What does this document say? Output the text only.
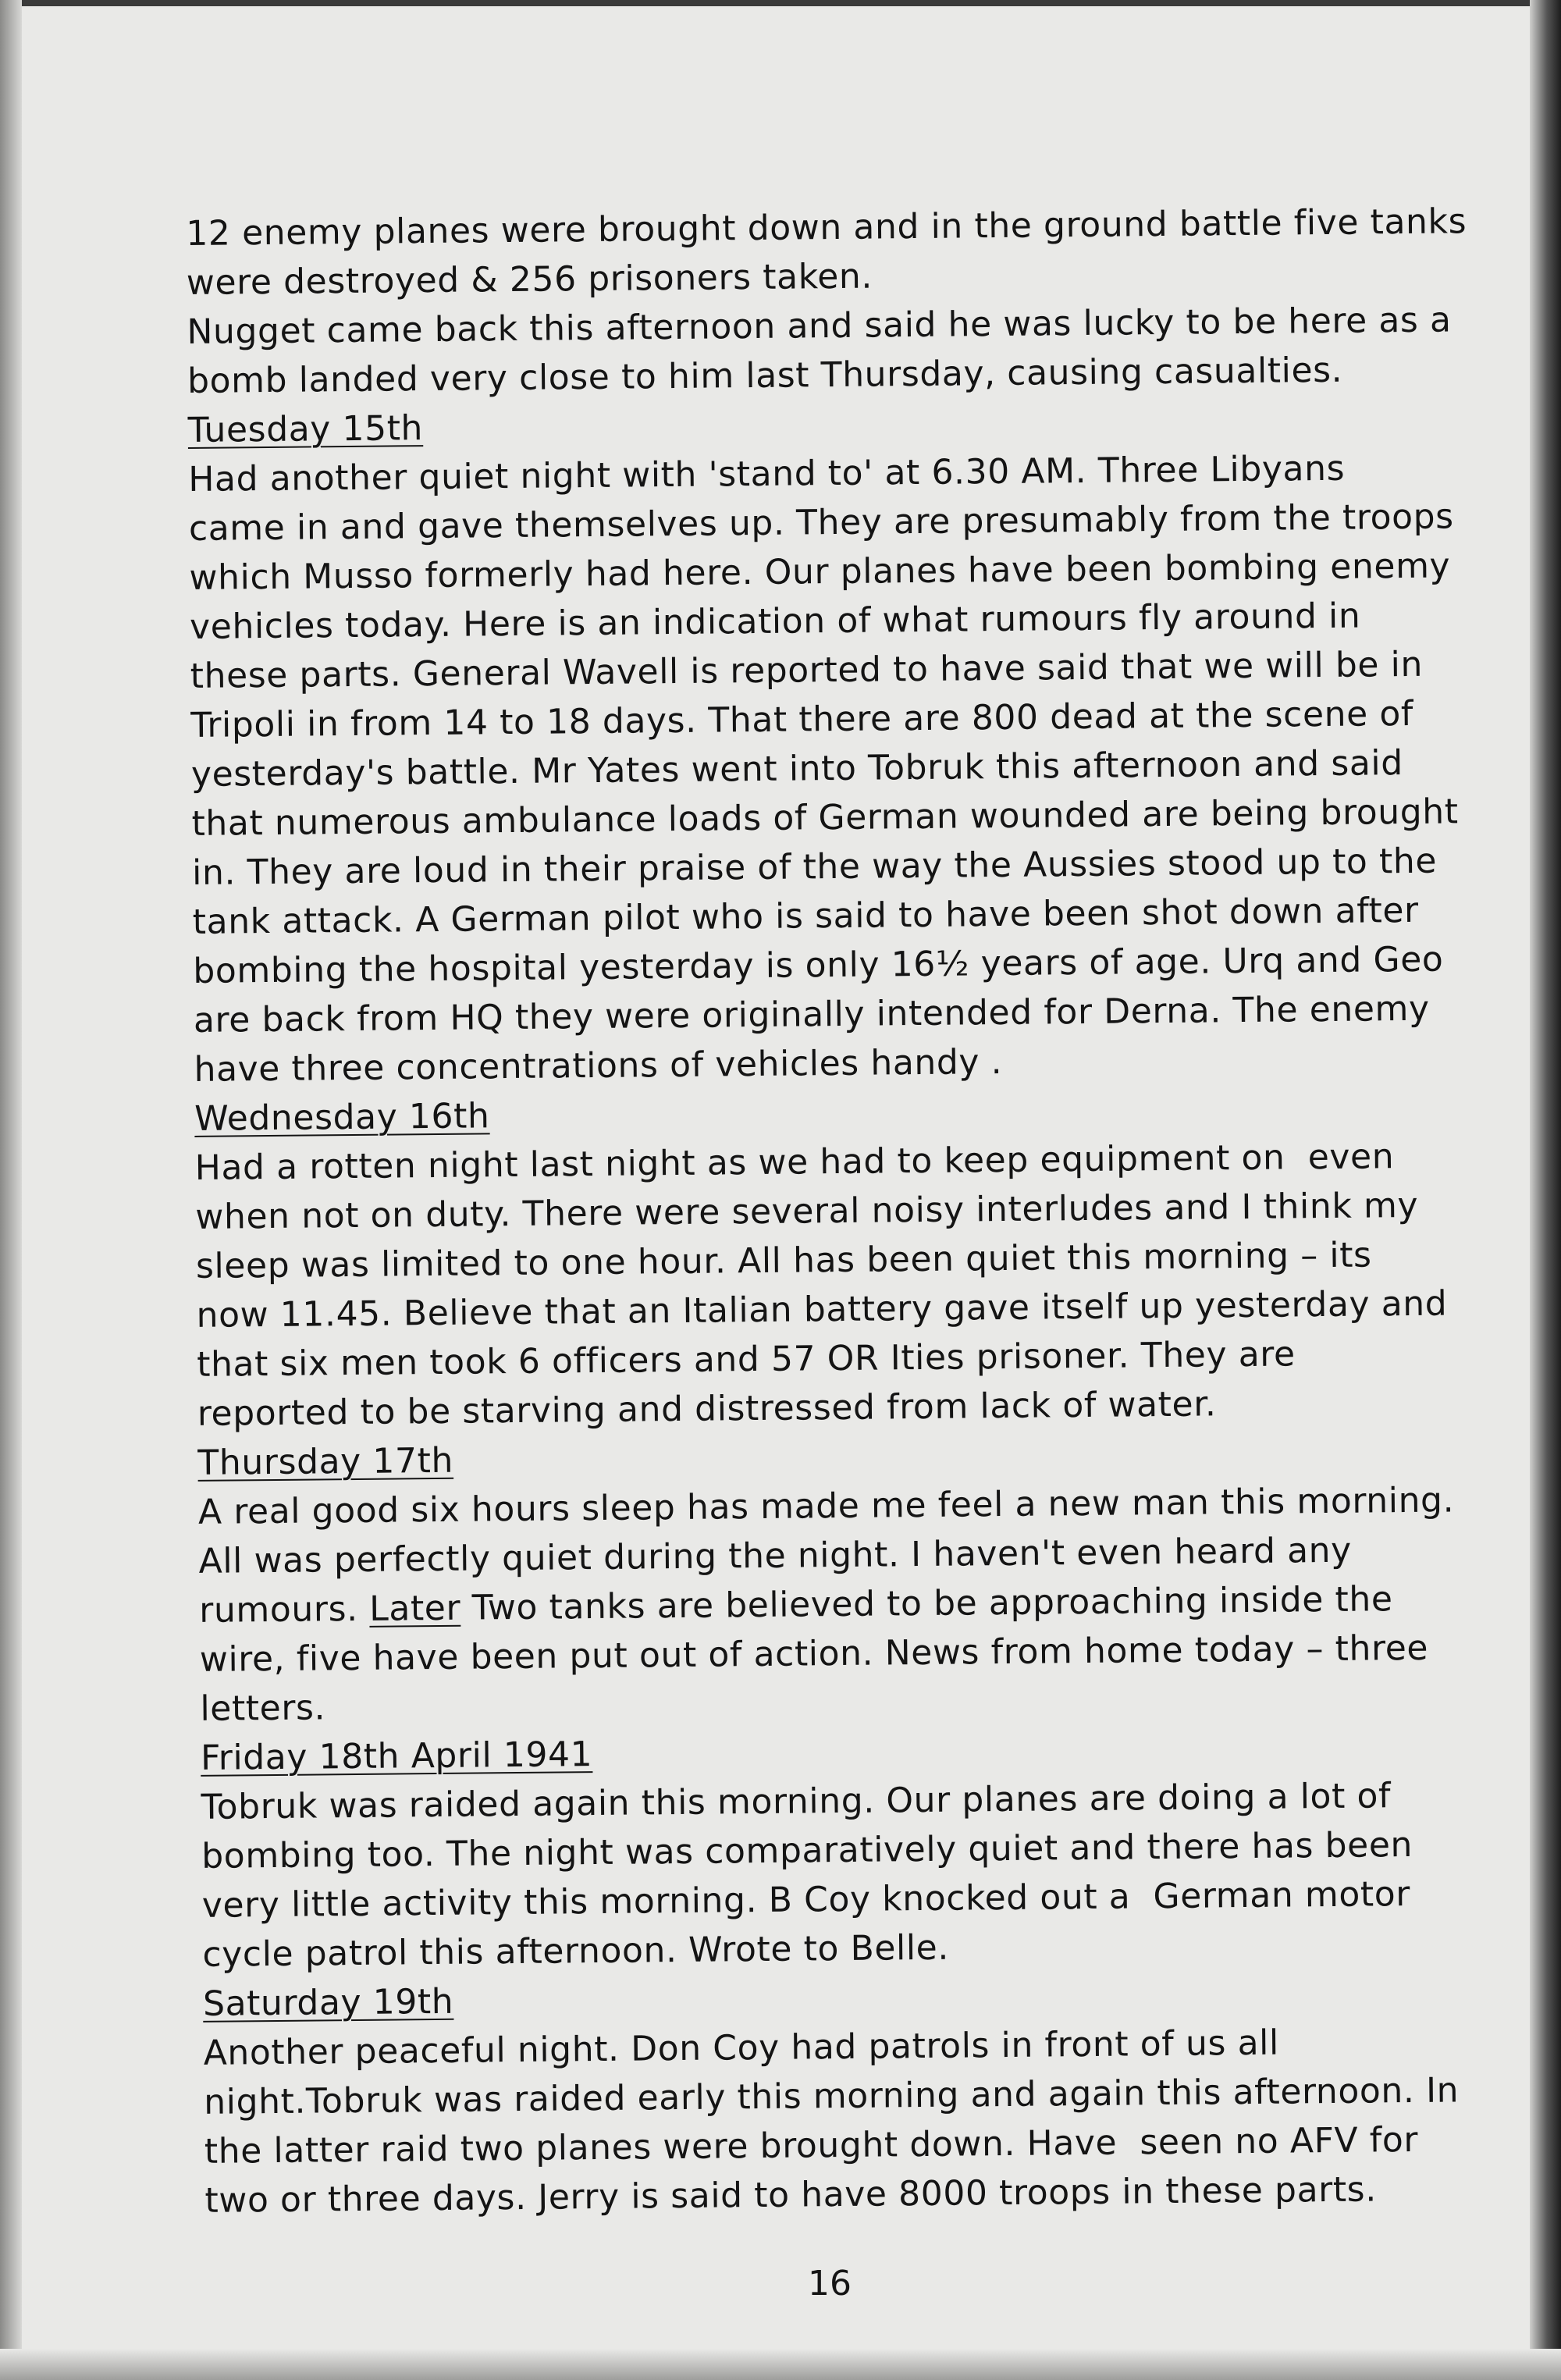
12 enemy planes were brought down and in the ground battle five tanks
were destroyed & 256 prisoners taken.
Nugget came back this afternoon and said he was lucky to be here as a
bomb landed very close to him last Thursday, causing casualties.
Tuesday 15th
Had another quiet night with 'stand to' at 6.30 AM. Three Libyans
came in and gave themselves up. They are presumably from the troops
which Musso formerly had here. Our planes have been bombing enemy
vehicles today. Here is an indication of what rumours fly around in
these parts. General Wavell is reported to have said that we will be in
Tripoli in from 14 to 18 days. That there are 800 dead at the scene of
yesterday's battle. Mr Yates went into Tobruk this afternoon and said
that numerous ambulance loads of German wounded are being brought
in. They are loud in their praise of the way the Aussies stood up to the
tank attack. A German pilot who is said to have been shot down after
bombing the hospital yesterday is only 16½ years of age. Urq and Geo
are back from HQ they were originally intended for Derna. The enemy
have three concentrations of vehicles handy .
Wednesday 16th
Had a rotten night last night as we had to keep equipment on  even
when not on duty. There were several noisy interludes and I think my
sleep was limited to one hour. All has been quiet this morning – its
now 11.45. Believe that an Italian battery gave itself up yesterday and
that six men took 6 officers and 57 OR Ities prisoner. They are
reported to be starving and distressed from lack of water.
Thursday 17th
A real good six hours sleep has made me feel a new man this morning.
All was perfectly quiet during the night. I haven't even heard any
rumours. Later Two tanks are believed to be approaching inside the
wire, five have been put out of action. News from home today – three
letters.
Friday 18th April 1941
Tobruk was raided again this morning. Our planes are doing a lot of
bombing too. The night was comparatively quiet and there has been
very little activity this morning. B Coy knocked out a  German motor
cycle patrol this afternoon. Wrote to Belle.
Saturday 19th
Another peaceful night. Don Coy had patrols in front of us all
night.Tobruk was raided early this morning and again this afternoon. In
the latter raid two planes were brought down. Have  seen no AFV for
two or three days. Jerry is said to have 8000 troops in these parts.
16
